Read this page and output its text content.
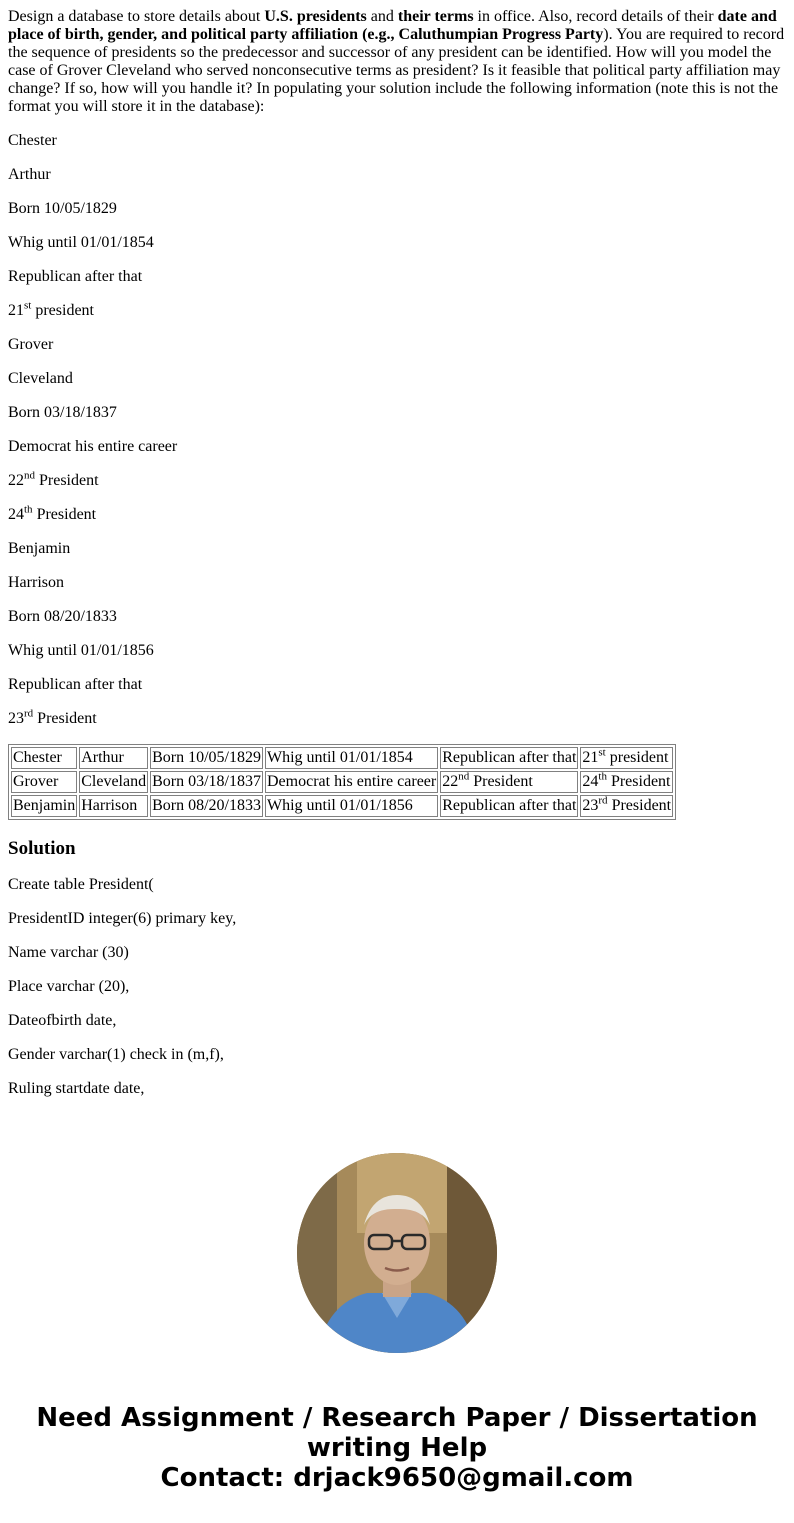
Design a database to store details about U.S. presidents and their terms in office. Also, record details of their date and place of birth, gender, and political party affiliation (e.g., Caluthumpian Progress Party). You are required to record the sequence of presidents so the predecessor and successor of any president can be identified. How will you model the case of Grover Cleveland who served nonconsecutive terms as president? Is it feasible that political party affiliation may change? If so, how will you handle it? In populating your solution include the following information (note this is not the format you will store it in the database):

Chester

Arthur

Born 10/05/1829

Whig until 01/01/1854

Republican after that

21st president

Grover

Cleveland

Born 03/18/1837

Democrat his entire career

22nd President

24th President

Benjamin

Harrison

Born 08/20/1833

Whig until 01/01/1856

Republican after that

23rd President

Chester	Arthur	Born 10/05/1829	Whig until 01/01/1854	Republican after that	21st president
Grover	Cleveland	Born 03/18/1837	Democrat his entire career	22nd President	24th President
Benjamin	Harrison	Born 08/20/1833	Whig until 01/01/1856	Republican after that	23rd President
Solution

Create table President(

PresidentID integer(6) primary key,

Name varchar (30)

Place varchar (20),

Dateofbirth date,

Gender varchar(1) check in (m,f),

Ruling startdate date,

Need Assignment / Research Paper / Dissertation
writing Help
Contact: drjack9650@gmail.com
